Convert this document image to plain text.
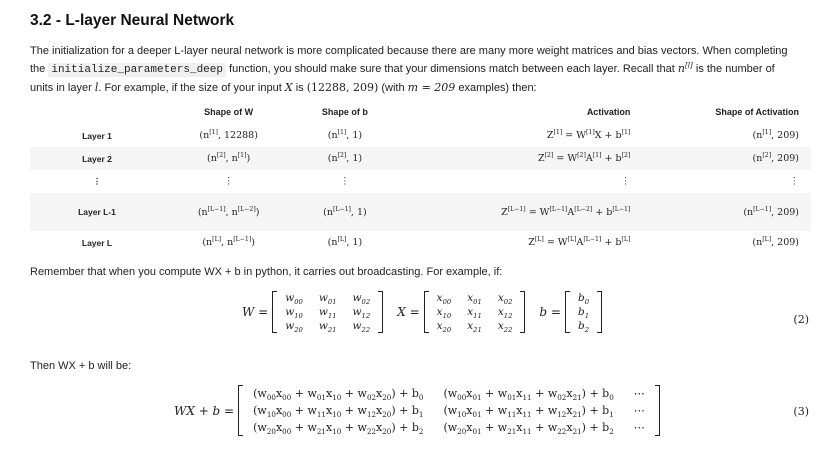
3.2 - L-layer Neural Network

The initialization for a deeper L-layer neural network is more complicated because there are many more weight matrices and bias vectors. When completing the initialize_parameters_deep function, you should make sure that your dimensions match between each layer. Recall that n[l] is the number of units in layer l. For example, if the size of your input X is (12288, 209) (with m = 209 examples) then:

	Shape of W	Shape of b	Activation	Shape of Activation
Layer 1	(n[1], 12288)	(n[1], 1)	Z[1] = W[1]X + b[1]	(n[1], 209)
Layer 2	(n[2], n[1])	(n[2], 1)	Z[2] = W[2]A[1] + b[2]	(n[2], 209)
⋮	⋮	⋮	⋮	⋮
Layer L-1	(n[L−1], n[L−2])	(n[L−1], 1)	Z[L−1] = W[L−1]A[L−2] + b[L−1]	(n[L−1], 209)
Layer L	(n[L], n[L−1])	(n[L], 1)	Z[L] = W[L]A[L−1] + b[L]	(n[L], 209)

Remember that when you compute WX + b in python, it carries out broadcasting. For example, if:

W =
$w_{00}$	$w_{01}$	$w_{02}$
$w_{10}$	$w_{11}$	$w_{12}$
$w_{20}$	$w_{21}$	$w_{22}$
X =
$x_{00}$	$x_{01}$	$x_{02}$
$x_{10}$	$x_{11}$	$x_{12}$
$x_{20}$	$x_{21}$	$x_{22}$
b =
$b_0$
$b_1$
$b_2$
(2)

Then WX + b will be:

WX + b =
$(w_{00}x_{00} + w_{01}x_{10} + w_{02}x_{20}) + b_0$	$(w_{00}x_{01} + w_{01}x_{11} + w_{02}x_{21}) + b_0$	⋯
$(w_{10}x_{00} + w_{11}x_{10} + w_{12}x_{20}) + b_1$	$(w_{10}x_{01} + w_{11}x_{11} + w_{12}x_{21}) + b_1$	⋯
$(w_{20}x_{00} + w_{21}x_{10} + w_{22}x_{20}) + b_2$	$(w_{20}x_{01} + w_{21}x_{11} + w_{22}x_{21}) + b_2$	⋯
(3)
